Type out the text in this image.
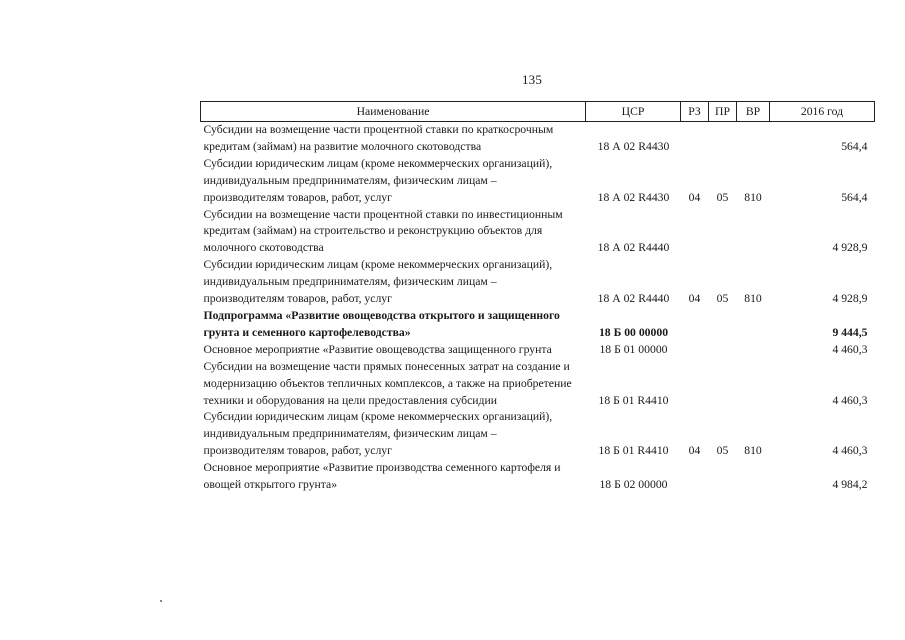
135
Наименование	ЦСР	РЗ	ПР	ВР	2016 год
Субсидии на возмещение части процентной ставки по краткосрочным кредитам (займам) на развитие молочного скотоводства	18 А 02 R4430				564,4
Субсидии юридическим лицам (кроме некоммерческих организаций), индивидуальным предпринимателям, физическим лицам – производителям товаров, работ, услуг	18 А 02 R4430	04	05	810	564,4
Субсидии на возмещение части процентной ставки по инвестиционным кредитам (займам) на строительство и реконструкцию объектов для молочного скотоводства	18 А 02 R4440				4 928,9
Субсидии юридическим лицам (кроме некоммерческих организаций), индивидуальным предпринимателям, физическим лицам – производителям товаров, работ, услуг	18 А 02 R4440	04	05	810	4 928,9
Подпрограмма «Развитие овощеводства открытого и защищенного грунта и семенного картофелеводства»	18 Б 00 00000				9 444,5
Основное мероприятие «Развитие овощеводства защищенного грунта	18 Б 01 00000				4 460,3
Субсидии на возмещение части прямых понесенных затрат на создание и модернизацию объектов тепличных комплексов, а также на приобретение техники и оборудования на цели предоставления субсидии	18 Б 01 R4410				4 460,3
Субсидии юридическим лицам (кроме некоммерческих организаций), индивидуальным предпринимателям, физическим лицам – производителям товаров, работ, услуг	18 Б 01 R4410	04	05	810	4 460,3
Основное мероприятие «Развитие производства семенного картофеля и овощей открытого грунта»	18 Б 02 00000				4 984,2
